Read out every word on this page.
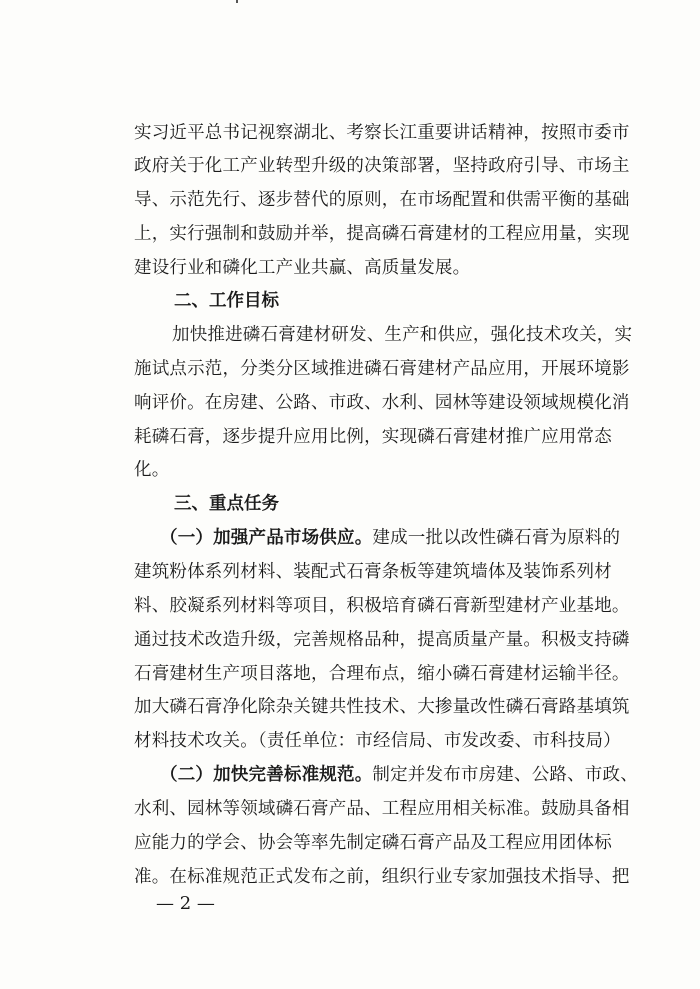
实习近平总书记视察湖北、考察长江重要讲话精神，按照市委市
政府关于化工产业转型升级的决策部署，坚持政府引导、市场主
导、示范先行、逐步替代的原则，在市场配置和供需平衡的基础
上，实行强制和鼓励并举，提高磷石膏建材的工程应用量，实现
建设行业和磷化工产业共赢、高质量发展。
二、工作目标
加快推进磷石膏建材研发、生产和供应，强化技术攻关，实
施试点示范，分类分区域推进磷石膏建材产品应用，开展环境影
响评价。在房建、公路、市政、水利、园林等建设领域规模化消
耗磷石膏，逐步提升应用比例，实现磷石膏建材推广应用常态
化。
三、重点任务
（一）加强产品市场供应。建成一批以改性磷石膏为原料的
建筑粉体系列材料、装配式石膏条板等建筑墙体及装饰系列材
料、胶凝系列材料等项目，积极培育磷石膏新型建材产业基地。
通过技术改造升级，完善规格品种，提高质量产量。积极支持磷
石膏建材生产项目落地，合理布点，缩小磷石膏建材运输半径。
加大磷石膏净化除杂关键共性技术、大掺量改性磷石膏路基填筑
材料技术攻关。（责任单位：市经信局、市发改委、市科技局）
（二）加快完善标准规范。制定并发布市房建、公路、市政、
水利、园林等领域磷石膏产品、工程应用相关标准。鼓励具备相
应能力的学会、协会等率先制定磷石膏产品及工程应用团体标
准。在标准规范正式发布之前，组织行业专家加强技术指导、把
— 2 —
